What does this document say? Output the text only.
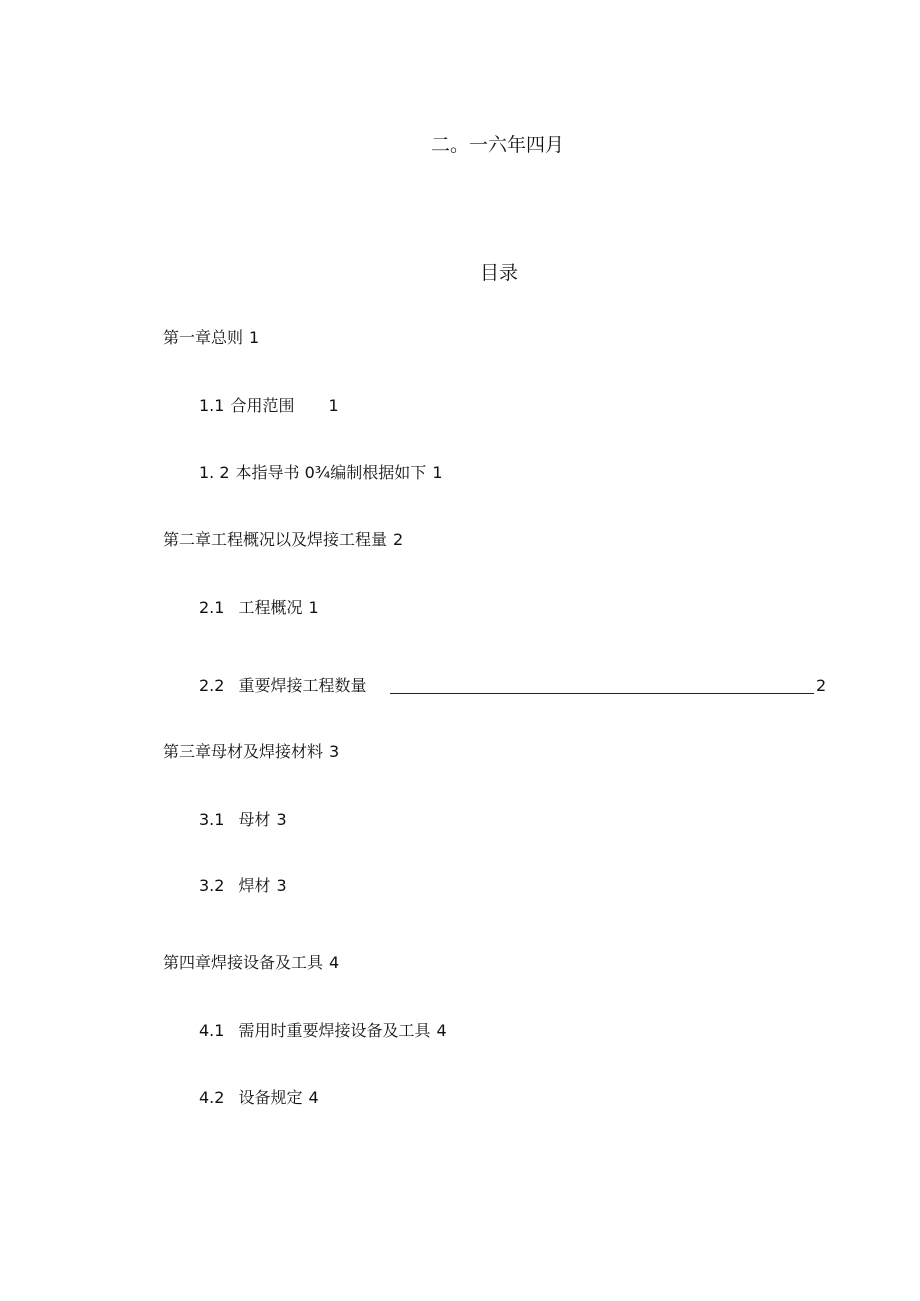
二。一六年四月
目录
第一章总则 1
1.1 合用范围 1
1. 2 本指导书 0¾编制根据如下 1
第二章工程概况以及焊接工程量 2
2.1 工程概况 1
2.2 重要焊接工程数量	2
第三章母材及焊接材料 3
3.1 母材 3
3.2 焊材 3
第四章焊接设备及工具 4
4.1 需用时重要焊接设备及工具 4
4.2 设备规定 4
